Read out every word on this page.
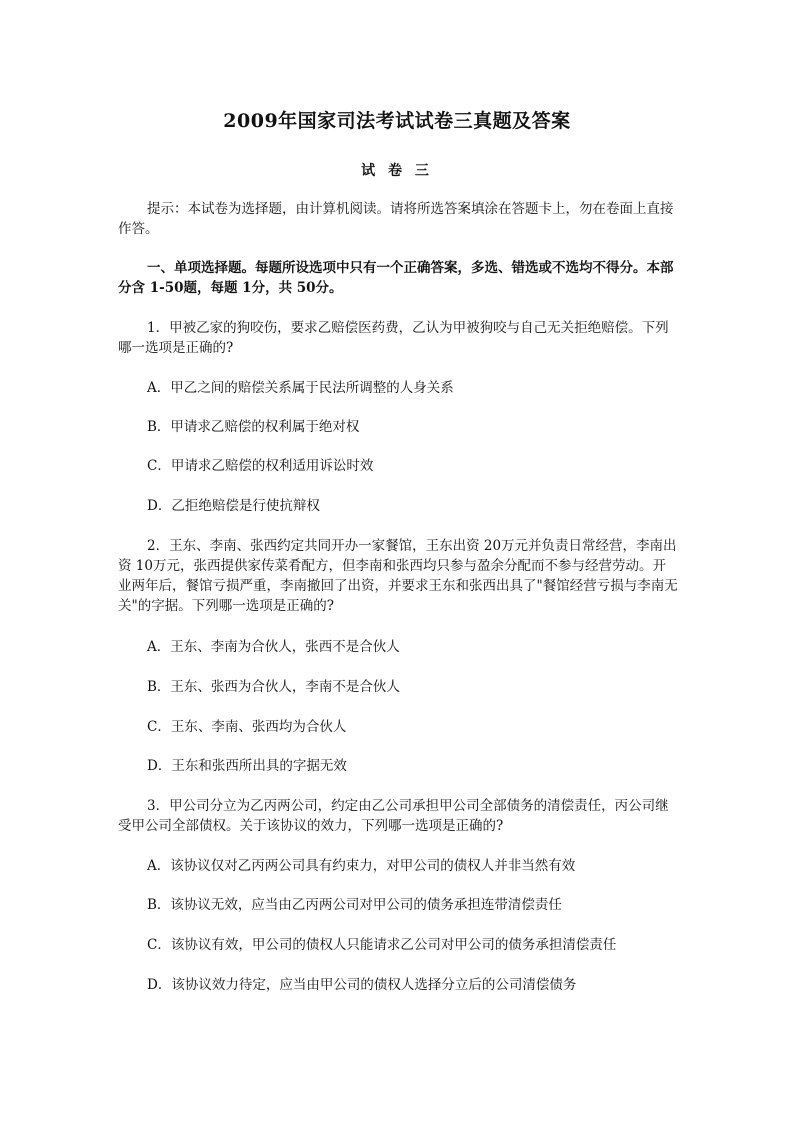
2009年国家司法考试试卷三真题及答案
试 卷 三

提示：本试卷为选择题，由计算机阅读。请将所选答案填涂在答题卡上，勿在卷面上直接作答。

一、单项选择题。每题所设选项中只有一个正确答案，多选、错选或不选均不得分。本部分含 1-50题，每题 1分，共 50分。

1．甲被乙家的狗咬伤，要求乙赔偿医药费，乙认为甲被狗咬与自己无关拒绝赔偿。下列哪一选项是正确的?

A．甲乙之间的赔偿关系属于民法所调整的人身关系

B．甲请求乙赔偿的权利属于绝对权

C．甲请求乙赔偿的权利适用诉讼时效

D．乙拒绝赔偿是行使抗辩权

2．王东、李南、张西约定共同开办一家餐馆，王东出资 20万元并负责日常经营，李南出资 10万元，张西提供家传菜肴配方，但李南和张西均只参与盈余分配而不参与经营劳动。开业两年后，餐馆亏损严重，李南撤回了出资，并要求王东和张西出具了"餐馆经营亏损与李南无关"的字据。下列哪一选项是正确的?

A．王东、李南为合伙人，张西不是合伙人

B．王东、张西为合伙人，李南不是合伙人

C．王东、李南、张西均为合伙人

D．王东和张西所出具的字据无效

3．甲公司分立为乙丙两公司，约定由乙公司承担甲公司全部债务的清偿责任，丙公司继受甲公司全部债权。关于该协议的效力，下列哪一选项是正确的?

A．该协议仅对乙丙两公司具有约束力，对甲公司的债权人并非当然有效

B．该协议无效，应当由乙丙两公司对甲公司的债务承担连带清偿责任

C．该协议有效，甲公司的债权人只能请求乙公司对甲公司的债务承担清偿责任

D．该协议效力待定，应当由甲公司的债权人选择分立后的公司清偿债务
